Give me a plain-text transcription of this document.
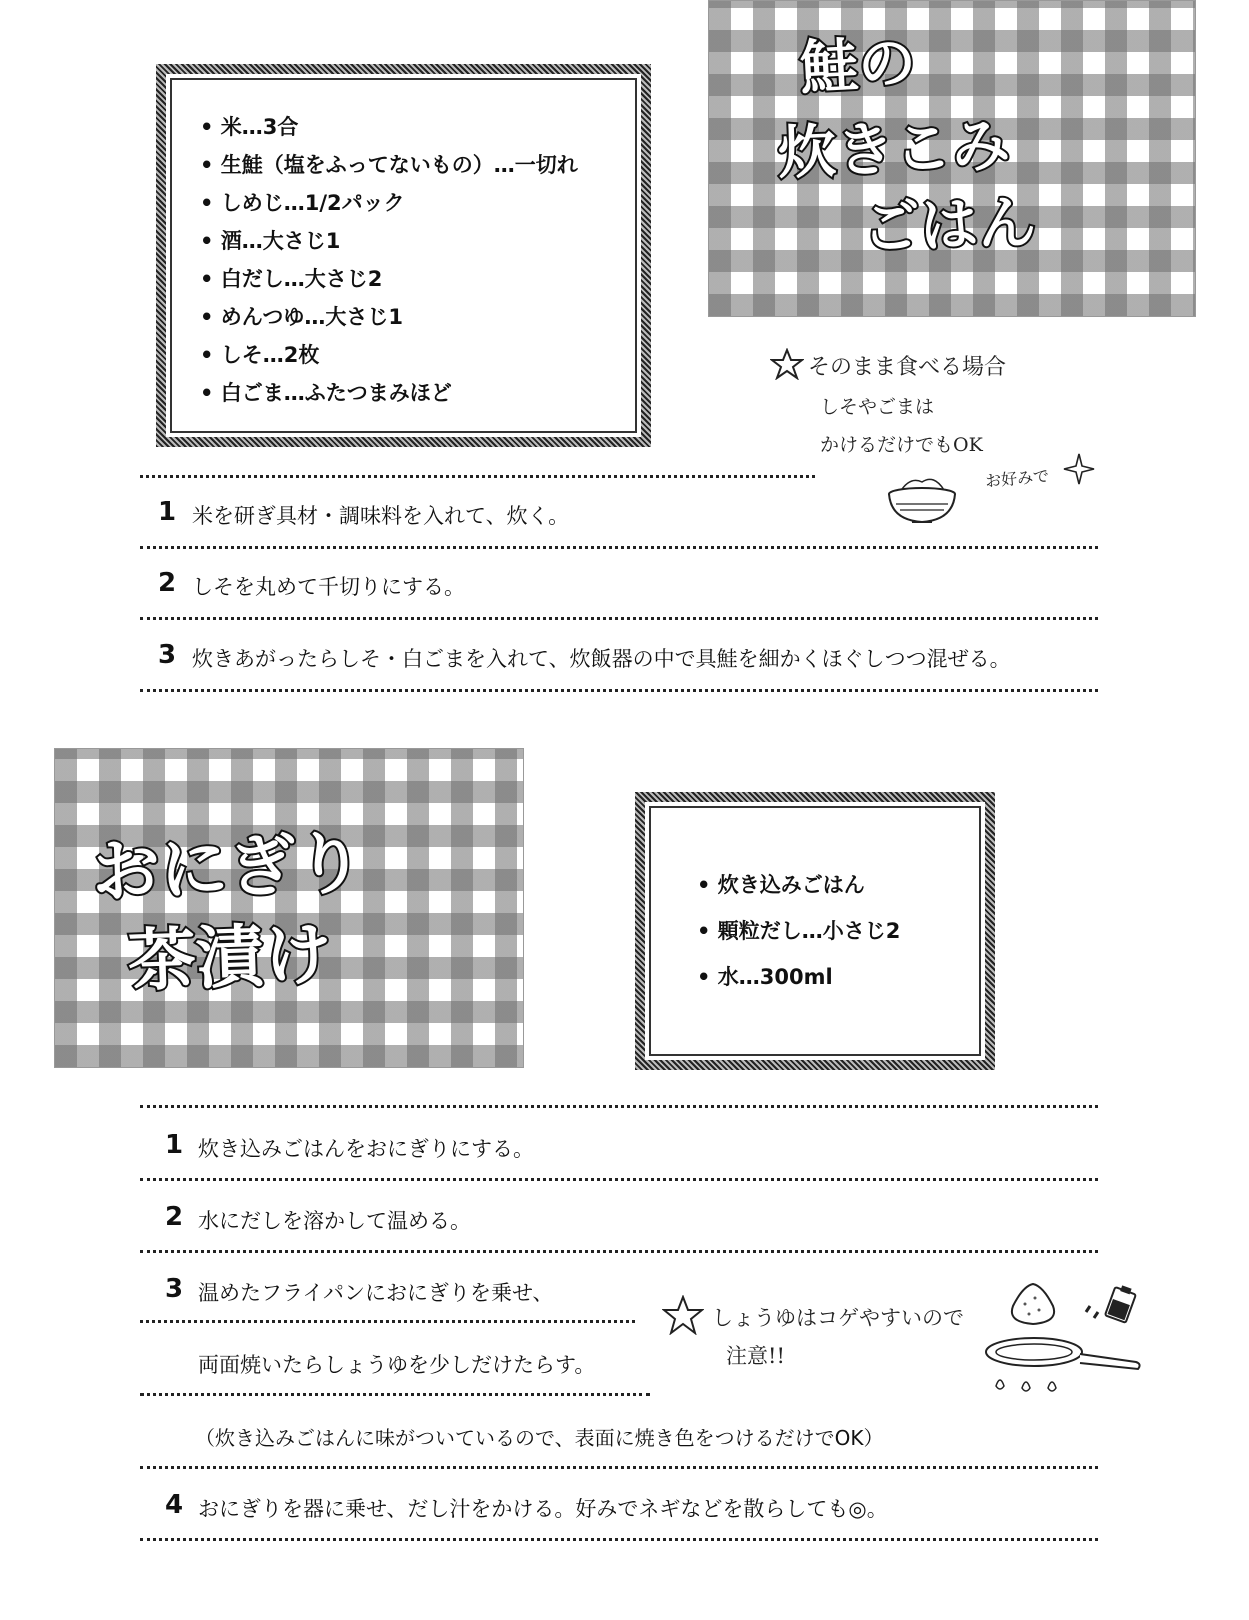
鮭の
炊きこみ
ごはん
• 米…3合
• 生鮭（塩をふってないもの）…一切れ
• しめじ…1/2パック
• 酒…大さじ1
• 白だし…大さじ2
• めんつゆ…大さじ1
• しそ…2枚
• 白ごま…ふたつまみほど
そのまま食べる場合
しそやごまは
かけるだけでもOK
お好みで
1 米を研ぎ具材・調味料を入れて、炊く。
2 しそを丸めて千切りにする。
3 炊きあがったらしそ・白ごまを入れて、炊飯器の中で具鮭を細かくほぐしつつ混ぜる。
おにぎり
茶漬け
• 炊き込みごはん
• 顆粒だし…小さじ2
• 水…300ml
1 炊き込みごはんをおにぎりにする。
2 水にだしを溶かして温める。
3 温めたフライパンにおにぎりを乗せ、
両面焼いたらしょうゆを少しだけたらす。
（炊き込みごはんに味がついているので、表面に焼き色をつけるだけでOK）
4 おにぎりを器に乗せ、だし汁をかける。好みでネギなどを散らしても◎。
しょうゆはコゲやすいので
注意!!
